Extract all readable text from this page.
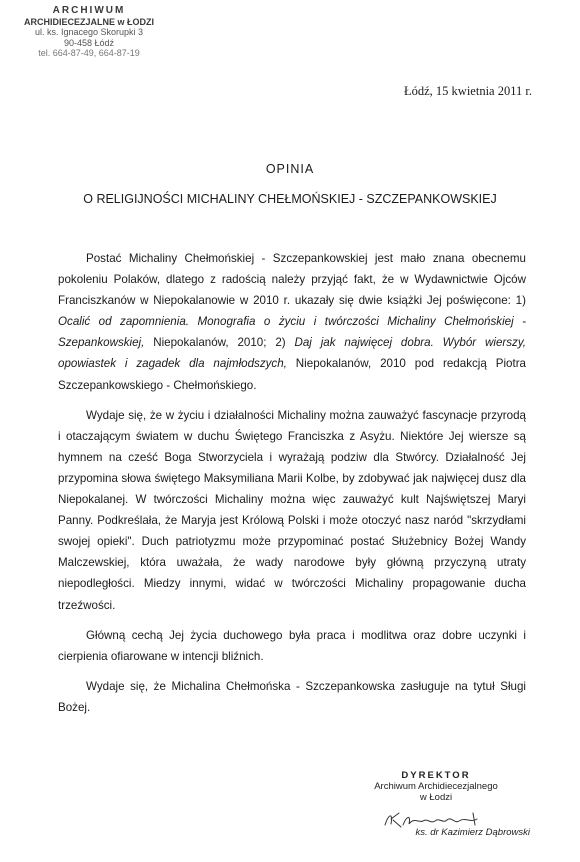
ARCHIWUM
ARCHIDIECEZJALNE w ŁODZI
ul. ks. Ignacego Skorupki 3
90-458 Łódź
tel. 664-87-49, 664-87-19
Łódź, 15 kwietnia 2011 r.
OPINIA
O RELIGIJNOŚCI MICHALINY CHEŁMOŃSKIEJ - SZCZEPANKOWSKIEJ

Postać Michaliny Chełmońskiej - Szczepankowskiej jest mało znana obecnemu pokoleniu Polaków, dlatego z radością należy przyjąć fakt, że w Wydawnictwie Ojców Franciszkanów w Niepokalanowie w 2010 r. ukazały się dwie książki Jej poświęcone: 1) Ocalić od zapomnienia. Monografia o życiu i twórczości Michaliny Chełmońskiej - Szepankowskiej, Niepokalanów, 2010; 2) Daj jak najwięcej dobra. Wybór wierszy, opowiastek i zagadek dla najmłodszych, Niepokalanów, 2010 pod redakcją Piotra Szczepankowskiego - Chełmońskiego.

Wydaje się, że w życiu i działalności Michaliny można zauważyć fascynacje przyrodą i otaczającym światem w duchu Świętego Franciszka z Asyżu. Niektóre Jej wiersze są hymnem na cześć Boga Stworzyciela i wyrażają podziw dla Stwórcy. Działalność Jej przypomina słowa świętego Maksymiliana Marii Kolbe, by zdobywać jak najwięcej dusz dla Niepokalanej. W twórczości Michaliny można więc zauważyć kult Najświętszej Maryi Panny. Podkreślała, że Maryja jest Królową Polski i może otoczyć nasz naród "skrzydłami swojej opieki". Duch patriotyzmu może przypominać postać Służebnicy Bożej Wandy Malczewskiej, która uważała, że wady narodowe były główną przyczyną utraty niepodległości. Miedzy innymi, widać w twórczości Michaliny propagowanie ducha trzeźwości.

Główną cechą Jej życia duchowego była praca i modlitwa oraz dobre uczynki i cierpienia ofiarowane w intencji bliźnich.

Wydaje się, że Michalina Chełmońska - Szczepankowska zasługuje na tytuł Sługi Bożej.

DYREKTOR
Archiwum Archidiecezjalnego
w Łodzi
ks. dr Kazimierz Dąbrowski
